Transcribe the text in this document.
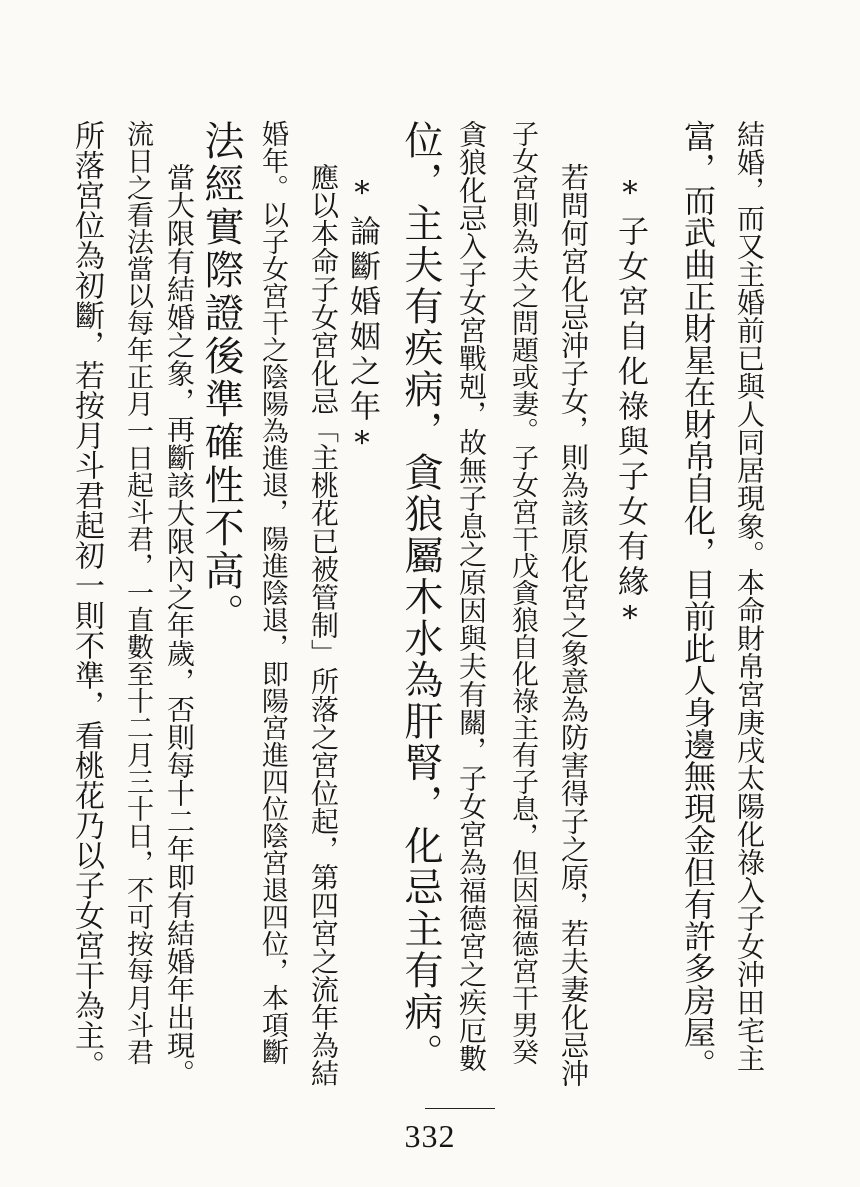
結婚，而又主婚前已與人同居現象。本命財帛宮庚戌太陽化祿入子女沖田宅主
富，而武曲正財星在財帛自化，目前此人身邊無現金但有許多房屋。
*子女宮自化祿與子女有緣*
若問何宮化忌沖子女，則為該原化宮之象意為防害得子之原，若夫妻化忌沖
子女宮則為夫之問題或妻。子女宮干戊貪狼自化祿主有子息，但因福德宮干男癸
貪狼化忌入子女宮戰剋，故無子息之原因與夫有關，子女宮為福德宮之疾厄數
位，主夫有疾病，貪狼屬木水為肝腎，化忌主有病。
*論斷婚姻之年*
應以本命子女宮化忌「主桃花已被管制」所落之宮位起，第四宮之流年為結
婚年。以子女宮干之陰陽為進退，陽進陰退，即陽宮進四位陰宮退四位，本項斷
法經實際證後準確性不高。
當大限有結婚之象，再斷該大限內之年歲，否則每十二年即有結婚年出現。
流日之看法當以每年正月一日起斗君，一直數至十二月三十日，不可按每月斗君
所落宮位為初斷，若按月斗君起初一則不準，看桃花乃以子女宮干為主。
332
